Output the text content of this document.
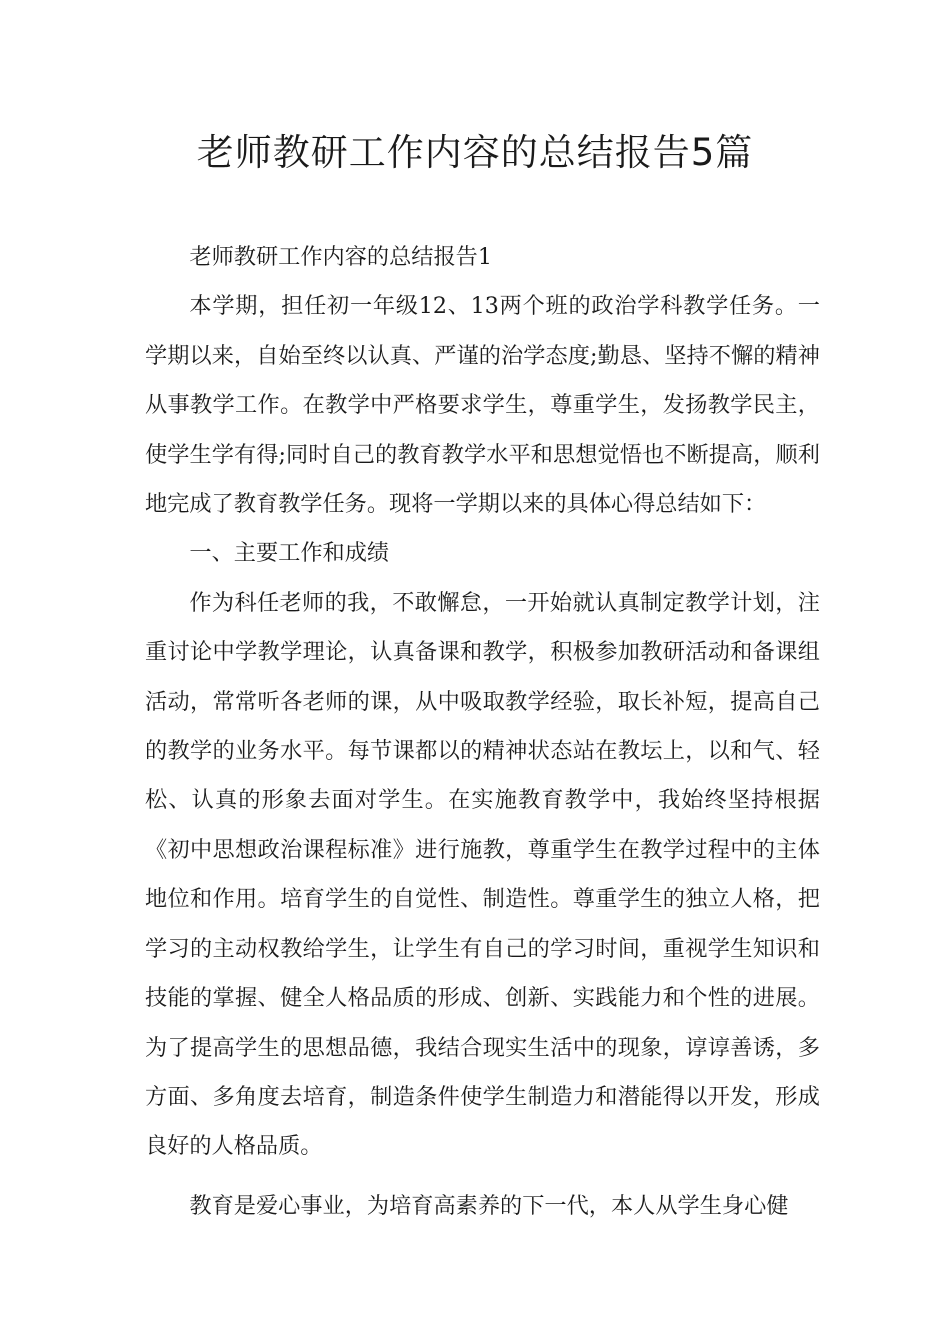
老师教研工作内容的总结报告5篇

老师教研工作内容的总结报告1

本学期，担任初一年级12、13两个班的政治学科教学任务。一学期以来，自始至终以认真、严谨的治学态度;勤恳、坚持不懈的精神从事教学工作。在教学中严格要求学生，尊重学生，发扬教学民主，使学生学有得;同时自己的教育教学水平和思想觉悟也不断提高，顺利地完成了教育教学任务。现将一学期以来的具体心得总结如下：

一、主要工作和成绩

作为科任老师的我，不敢懈怠，一开始就认真制定教学计划，注重讨论中学教学理论，认真备课和教学，积极参加教研活动和备课组活动，常常听各老师的课，从中吸取教学经验，取长补短，提高自己的教学的业务水平。每节课都以的精神状态站在教坛上，以和气、轻松、认真的形象去面对学生。在实施教育教学中，我始终坚持根据《初中思想政治课程标准》进行施教，尊重学生在教学过程中的主体地位和作用。培育学生的自觉性、制造性。尊重学生的独立人格，把学习的主动权教给学生，让学生有自己的学习时间，重视学生知识和技能的掌握、健全人格品质的形成、创新、实践能力和个性的进展。为了提高学生的思想品德，我结合现实生活中的现象，谆谆善诱，多方面、多角度去培育，制造条件使学生制造力和潜能得以开发，形成良好的人格品质。

教育是爱心事业，为培育高素养的下一代，本人从学生身心健
